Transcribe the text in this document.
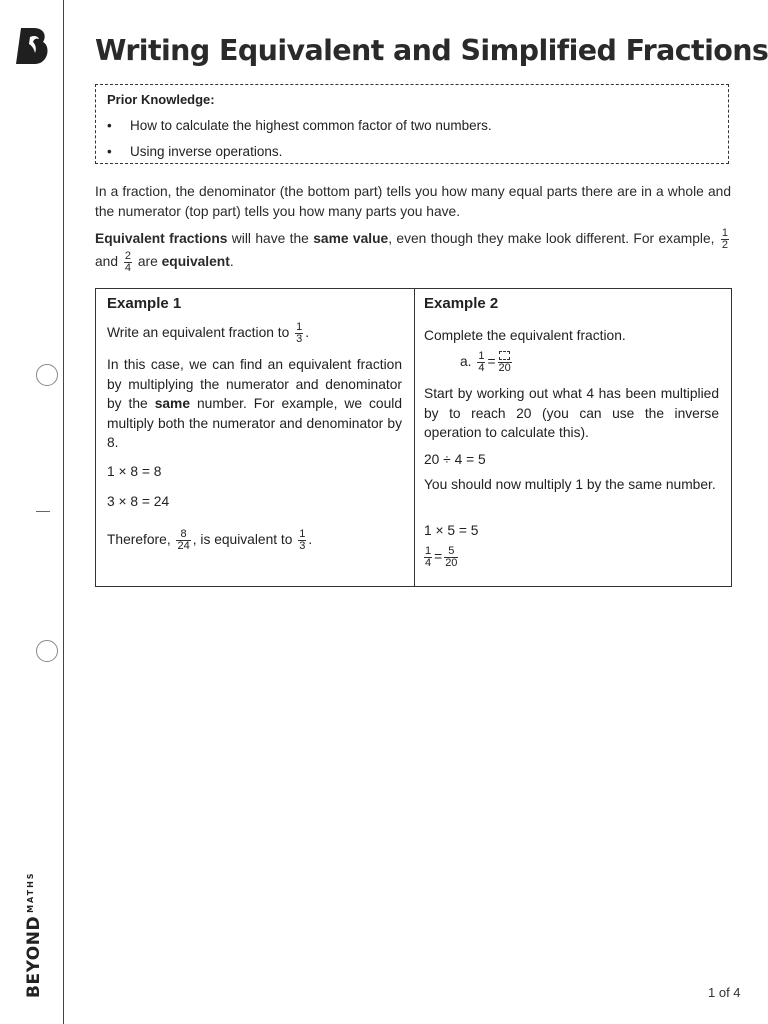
$BEYOND^{MATHS}$
Writing Equivalent and Simplified Fractions
Prior Knowledge:
• How to calculate the highest common factor of two numbers.
• Using inverse operations.

In a fraction, the denominator (the bottom part) tells you how many equal parts there are in a whole and the numerator (top part) tells you how many parts you have.

Equivalent fractions will have the same value, even though they make look different. For example, $\frac{1}{2}$
and $\frac{2}{4}$ are equivalent.

Example 1

Write an equivalent fraction to $\frac{1}{3}$ .

In this case, we can find an equivalent fraction by multiplying the numerator and denominator by the same number. For example, we could multiply both the numerator and denominator by 8.

1 × 8 = 8

3 × 8 = 24

Therefore, $\frac{8}{24}$ , is equivalent to $\frac{1}{3}$ .

Example 2

Complete the equivalent fraction.

a. $\frac{1}{4} = 20$

Start by working out what 4 has been multiplied by to reach 20 (you can use the inverse operation to calculate this).

20 ÷ 4 = 5

You should now multiply 1 by the same number.

1 × 5 = 5

$\frac{1}{4} = \frac{5}{20}$

1 of 4
